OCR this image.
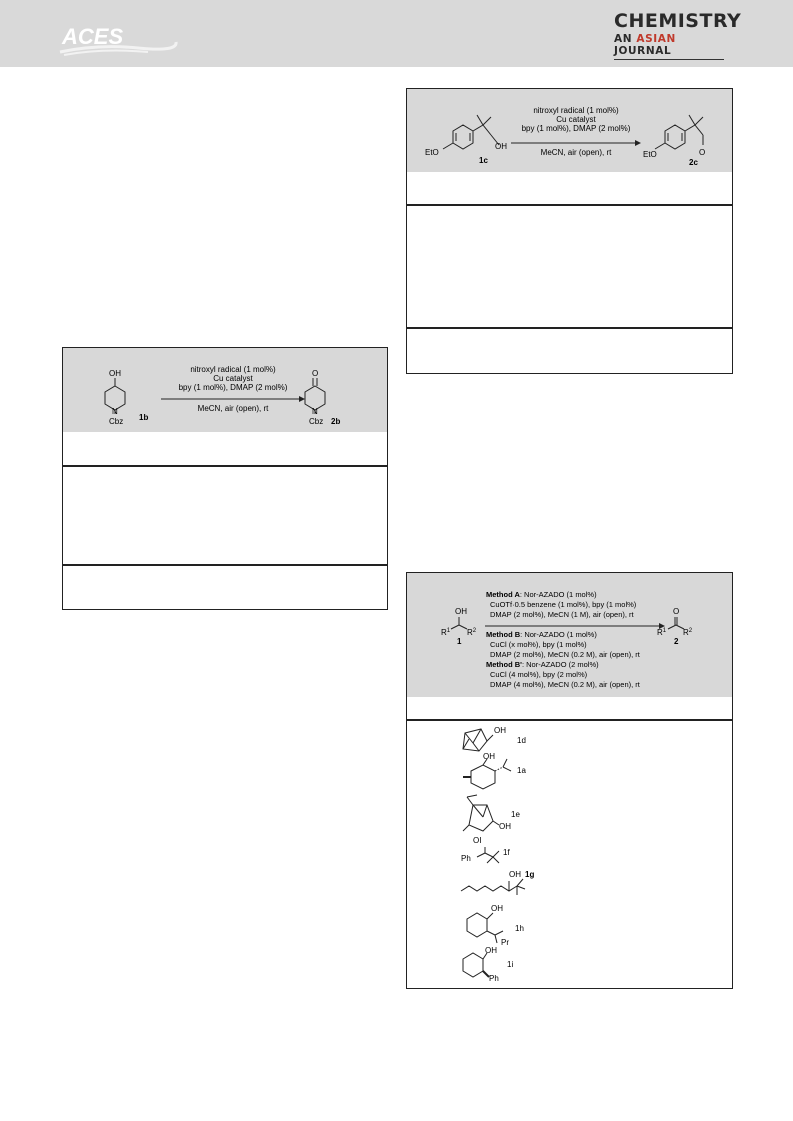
ACES
CHEMISTRY
AN ASIAN JOURNAL
EtO
OH
1c
nitroxyl radical (1 mol%)
Cu catalyst
bpy (1 mol%), DMAP (2 mol%)
MeCN, air (open), rt	EtO	O
2c
OH
N
Cbz 1b
nitroxyl radical (1 mol%)
Cu catalyst
bpy (1 mol%), DMAP (2 mol%)
MeCN, air (open), rt
O
N
Cbz 2b
OH
$R^1$ $R^2$
1
O
$R^1$ $R^2$
2
Method A: Nor-AZADO (1 mol%)
CuOTf·0.5 benzene (1 mol%), bpy (1 mol%)
DMAP (2 mol%), MeCN (1 M), air (open), rt
Method B: Nor-AZADO (1 mol%)
CuCl (x mol%), bpy (1 mol%)
DMAP (2 mol%), MeCN (0.2 M), air (open), rt
Method B': Nor-AZADO (2 mol%)
CuCl (4 mol%), bpy (2 mol%)
DMAP (4 mol%), MeCN (0.2 M), air (open), rt
OH
1d
OH
1a
OH
1e
OI
Ph
1f
OH 1g
OH
Pr
1h
OH
Ph
1i
